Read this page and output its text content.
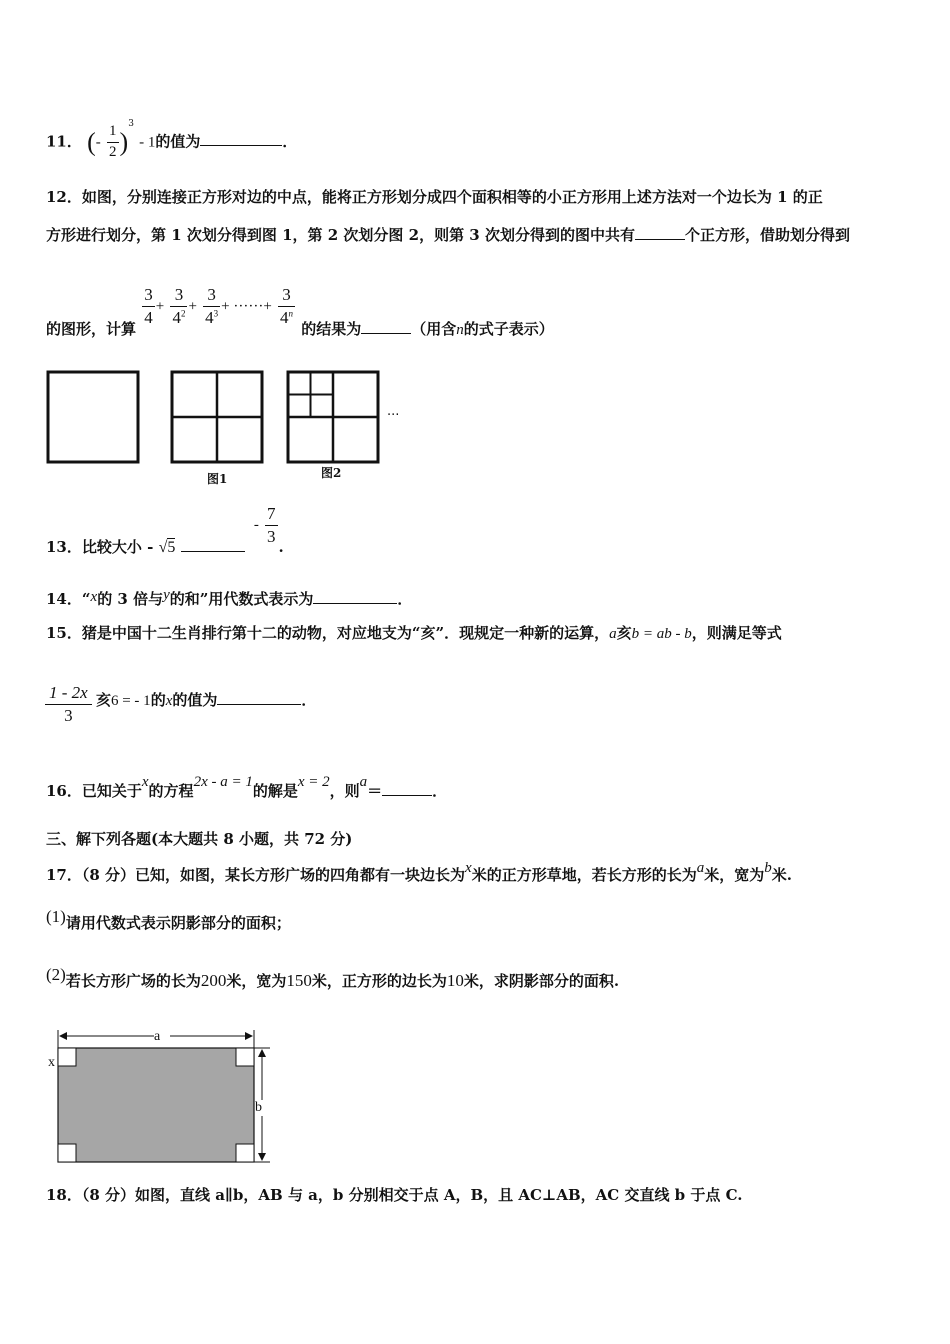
11． (- $\frac{1}{2} )^3 - 1$的值为	．
12．如图，分别连接正方形对边的中点，能将正方形划分成四个面积相等的小正方形用上述方法对一个边长为 1 的正
方形进行划分，第 1 次划分得到图 1，第 2 次划分图 2，则第 3 次划分得到的图中共有	个正方形，借助划分得到
的图形，计算
$\frac{3}{4} + \frac{3}{4^2} + \frac{3}{4^3}$ + ······+ $\frac{3}{4^n}$
的结果为	（用含n的式子表示）
···
图1	图2
13．比较大小 - $√5 - \frac{7}{3}$
.
14．“x的 3 倍与y的和”用代数式表示为	．
15．猪是中国十二生肖排行第十二的动物，对应地支为“亥”．现规定一种新的运算，a亥b = ab - b，则满足等式
$\frac{1 - 2x}{3}$ 亥6 = - 1的x的值为	．
16．已知关于x的方程2x - a = 1的解是x = 2，则a＝	．
三、解下列各题(本大题共 8 小题，共 72 分)
17．（8 分）已知，如图，某长方形广场的四角都有一块边长为x米的正方形草地，若长方形的长为a米，宽为b米.
(1)请用代数式表示阴影部分的面积；
(2)若长方形广场的长为200米，宽为150米，正方形的边长为10米，求阴影部分的面积.
a
b
x
18．（8 分）如图，直线 a∥b，AB 与 a，b 分别相交于点 A，B，且 AC⊥AB，AC 交直线 b 于点 C.
